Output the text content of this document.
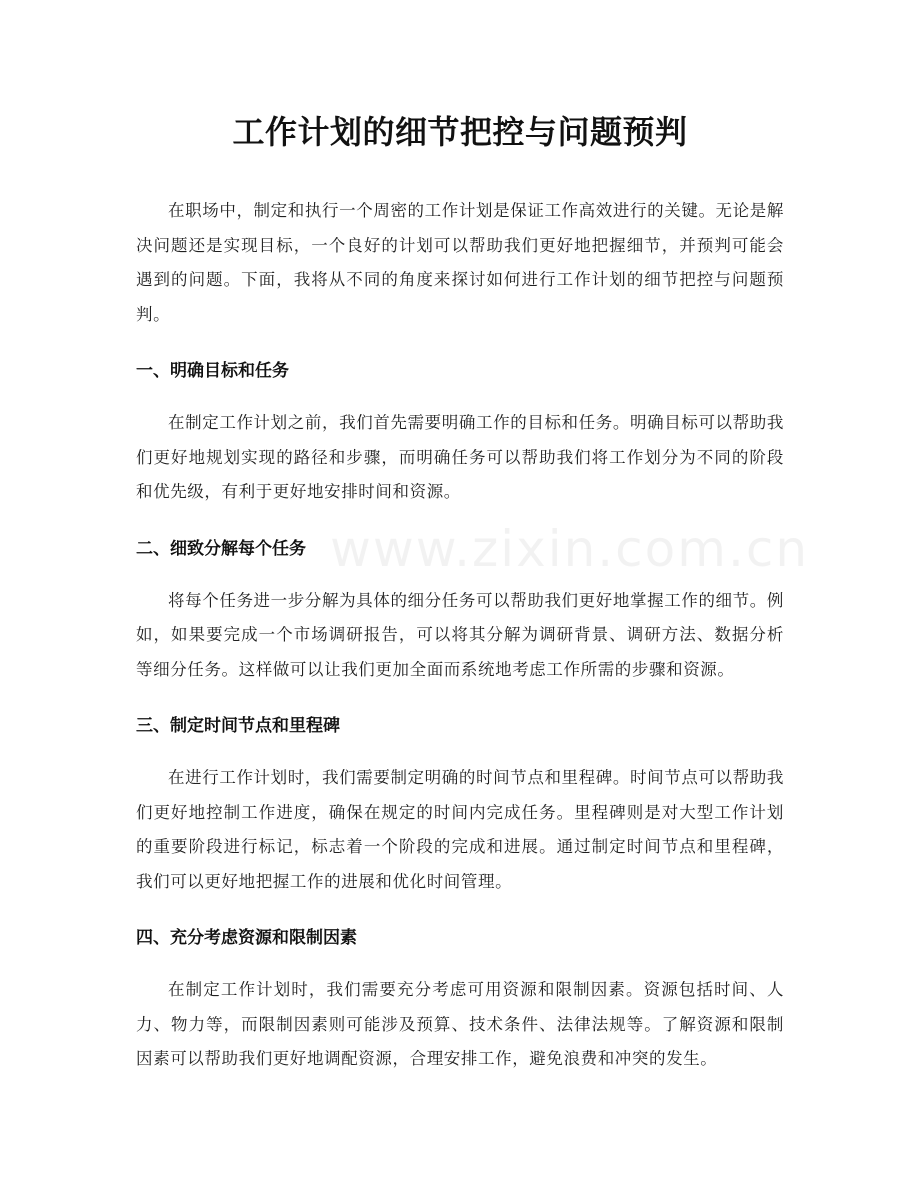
工作计划的细节把控与问题预判

在职场中，制定和执行一个周密的工作计划是保证工作高效进行的关键。无论是解决问题还是实现目标，一个良好的计划可以帮助我们更好地把握细节，并预判可能会遇到的问题。下面，我将从不同的角度来探讨如何进行工作计划的细节把控与问题预判。

一、明确目标和任务

在制定工作计划之前，我们首先需要明确工作的目标和任务。明确目标可以帮助我们更好地规划实现的路径和步骤，而明确任务可以帮助我们将工作划分为不同的阶段和优先级，有利于更好地安排时间和资源。

二、细致分解每个任务

将每个任务进一步分解为具体的细分任务可以帮助我们更好地掌握工作的细节。例如，如果要完成一个市场调研报告，可以将其分解为调研背景、调研方法、数据分析等细分任务。这样做可以让我们更加全面而系统地考虑工作所需的步骤和资源。

三、制定时间节点和里程碑

在进行工作计划时，我们需要制定明确的时间节点和里程碑。时间节点可以帮助我们更好地控制工作进度，确保在规定的时间内完成任务。里程碑则是对大型工作计划的重要阶段进行标记，标志着一个阶段的完成和进展。通过制定时间节点和里程碑，我们可以更好地把握工作的进展和优化时间管理。

四、充分考虑资源和限制因素

在制定工作计划时，我们需要充分考虑可用资源和限制因素。资源包括时间、人力、物力等，而限制因素则可能涉及预算、技术条件、法律法规等。了解资源和限制因素可以帮助我们更好地调配资源，合理安排工作，避免浪费和冲突的发生。

www.zixin.com.cn
